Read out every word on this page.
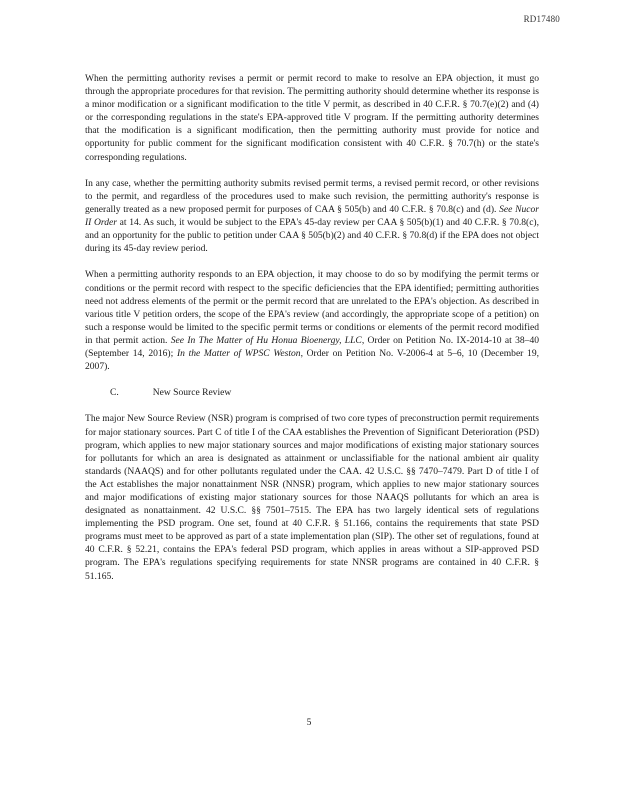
RD17480

When the permitting authority revises a permit or permit record to make to resolve an EPA objection, it must go through the appropriate procedures for that revision. The permitting authority should determine whether its response is a minor modification or a significant modification to the title V permit, as described in 40 C.F.R. § 70.7(e)(2) and (4) or the corresponding regulations in the state's EPA-approved title V program. If the permitting authority determines that the modification is a significant modification, then the permitting authority must provide for notice and opportunity for public comment for the significant modification consistent with 40 C.F.R. § 70.7(h) or the state's corresponding regulations.

In any case, whether the permitting authority submits revised permit terms, a revised permit record, or other revisions to the permit, and regardless of the procedures used to make such revision, the permitting authority's response is generally treated as a new proposed permit for purposes of CAA § 505(b) and 40 C.F.R. § 70.8(c) and (d). See Nucor II Order at 14. As such, it would be subject to the EPA's 45-day review per CAA § 505(b)(1) and 40 C.F.R. § 70.8(c), and an opportunity for the public to petition under CAA § 505(b)(2) and 40 C.F.R. § 70.8(d) if the EPA does not object during its 45-day review period.

When a permitting authority responds to an EPA objection, it may choose to do so by modifying the permit terms or conditions or the permit record with respect to the specific deficiencies that the EPA identified; permitting authorities need not address elements of the permit or the permit record that are unrelated to the EPA's objection. As described in various title V petition orders, the scope of the EPA's review (and accordingly, the appropriate scope of a petition) on such a response would be limited to the specific permit terms or conditions or elements of the permit record modified in that permit action. See In The Matter of Hu Honua Bioenergy, LLC, Order on Petition No. IX-2014-10 at 38–40 (September 14, 2016); In the Matter of WPSC Weston, Order on Petition No. V-2006-4 at 5–6, 10 (December 19, 2007).

C.	New Source Review

The major New Source Review (NSR) program is comprised of two core types of preconstruction permit requirements for major stationary sources. Part C of title I of the CAA establishes the Prevention of Significant Deterioration (PSD) program, which applies to new major stationary sources and major modifications of existing major stationary sources for pollutants for which an area is designated as attainment or unclassifiable for the national ambient air quality standards (NAAQS) and for other pollutants regulated under the CAA. 42 U.S.C. §§ 7470–7479. Part D of title I of the Act establishes the major nonattainment NSR (NNSR) program, which applies to new major stationary sources and major modifications of existing major stationary sources for those NAAQS pollutants for which an area is designated as nonattainment. 42 U.S.C. §§ 7501–7515. The EPA has two largely identical sets of regulations implementing the PSD program. One set, found at 40 C.F.R. § 51.166, contains the requirements that state PSD programs must meet to be approved as part of a state implementation plan (SIP). The other set of regulations, found at 40 C.F.R. § 52.21, contains the EPA's federal PSD program, which applies in areas without a SIP-approved PSD program. The EPA's regulations specifying requirements for state NNSR programs are contained in 40 C.F.R. § 51.165.

5
